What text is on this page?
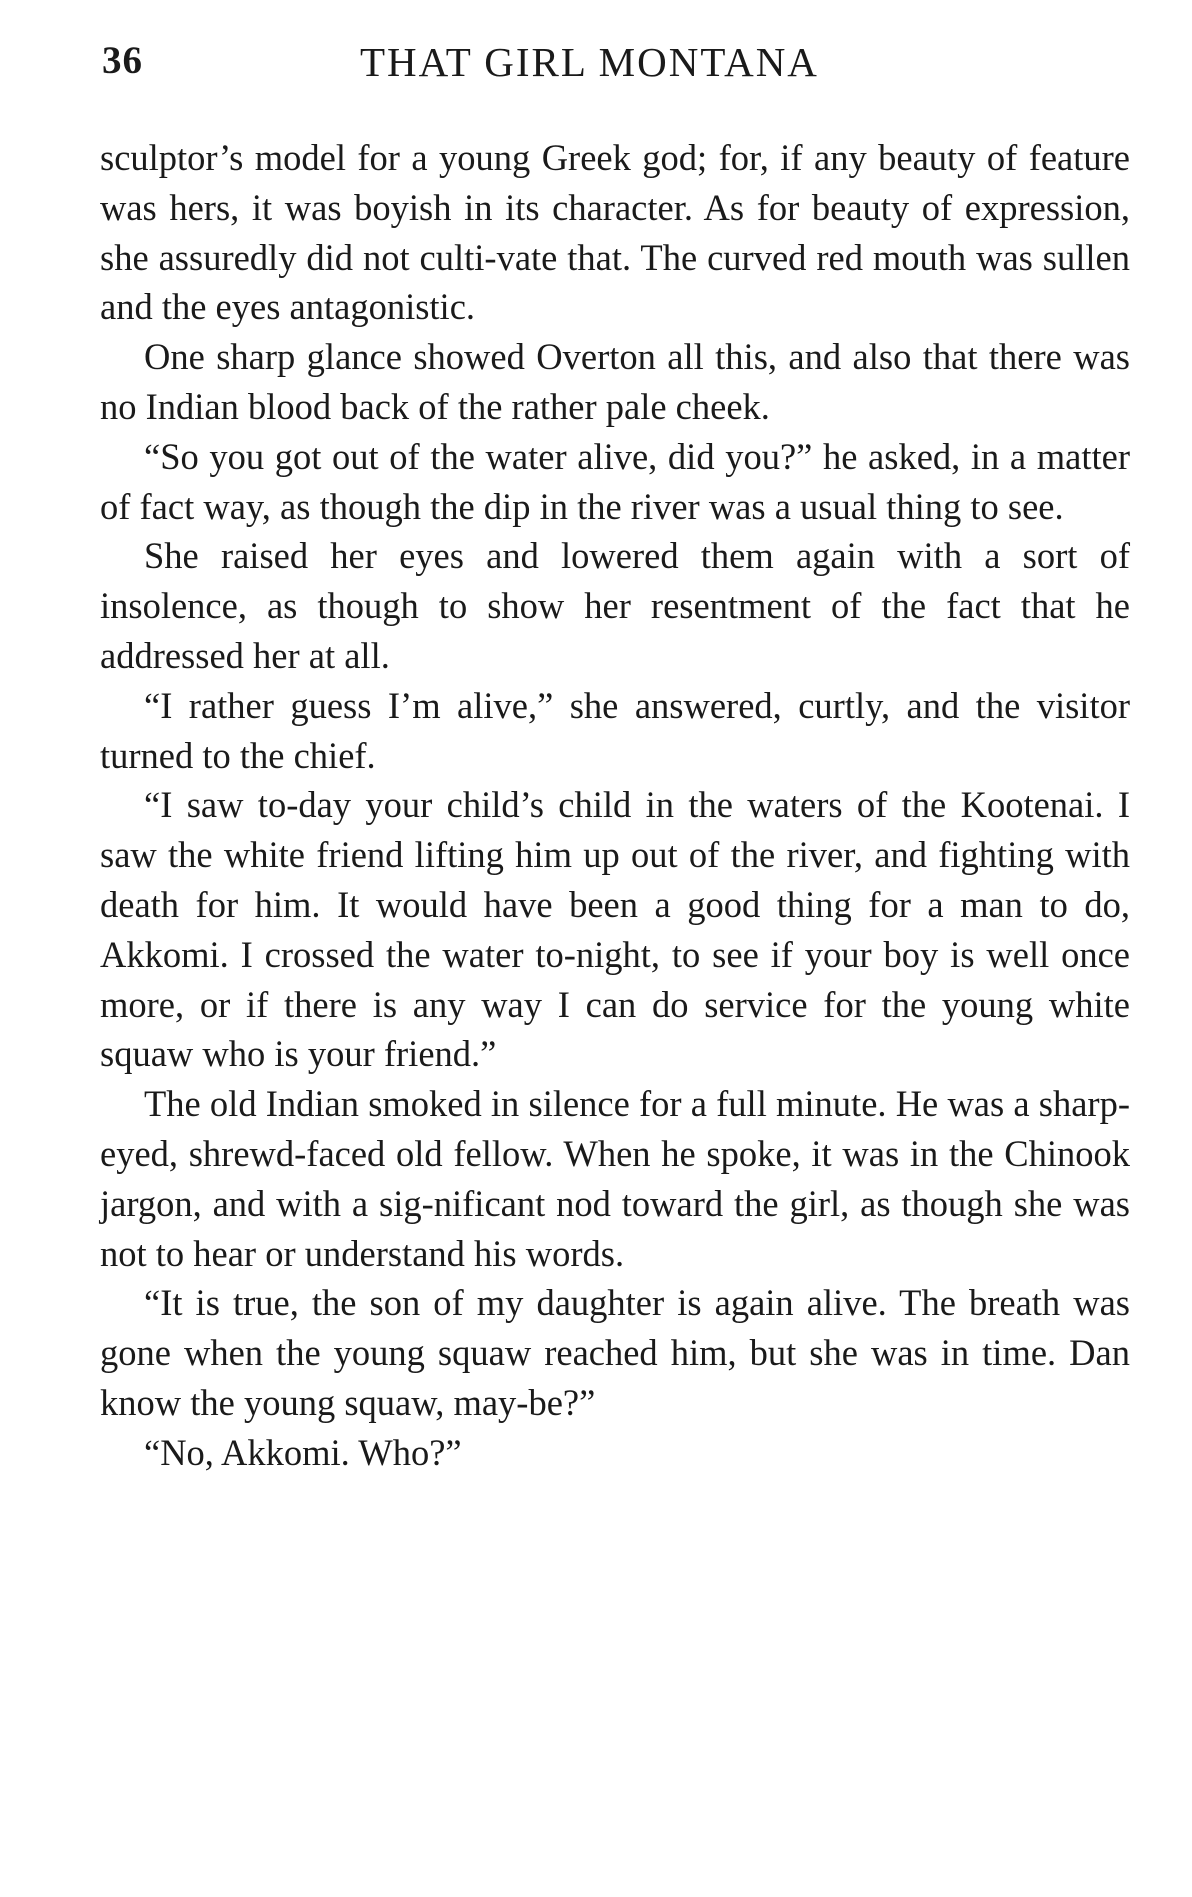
36	THAT GIRL MONTANA

sculptor’s model for a young Greek god; for, if any beauty of feature was hers, it was boyish in its character. As for beauty of expression, she assuredly did not culti-vate that. The curved red mouth was sullen and the eyes antagonistic.

One sharp glance showed Overton all this, and also that there was no Indian blood back of the rather pale cheek.

“So you got out of the water alive, did you?” he asked, in a matter of fact way, as though the dip in the river was a usual thing to see.

She raised her eyes and lowered them again with a sort of insolence, as though to show her resentment of the fact that he addressed her at all.

“I rather guess I’m alive,” she answered, curtly, and the visitor turned to the chief.

“I saw to-day your child’s child in the waters of the Kootenai. I saw the white friend lifting him up out of the river, and fighting with death for him. It would have been a good thing for a man to do, Akkomi. I crossed the water to-night, to see if your boy is well once more, or if there is any way I can do service for the young white squaw who is your friend.”

The old Indian smoked in silence for a full minute. He was a sharp-eyed, shrewd-faced old fellow. When he spoke, it was in the Chinook jargon, and with a sig-nificant nod toward the girl, as though she was not to hear or understand his words.

“It is true, the son of my daughter is again alive. The breath was gone when the young squaw reached him, but she was in time. Dan know the young squaw, may-be?”

“No, Akkomi. Who?”
